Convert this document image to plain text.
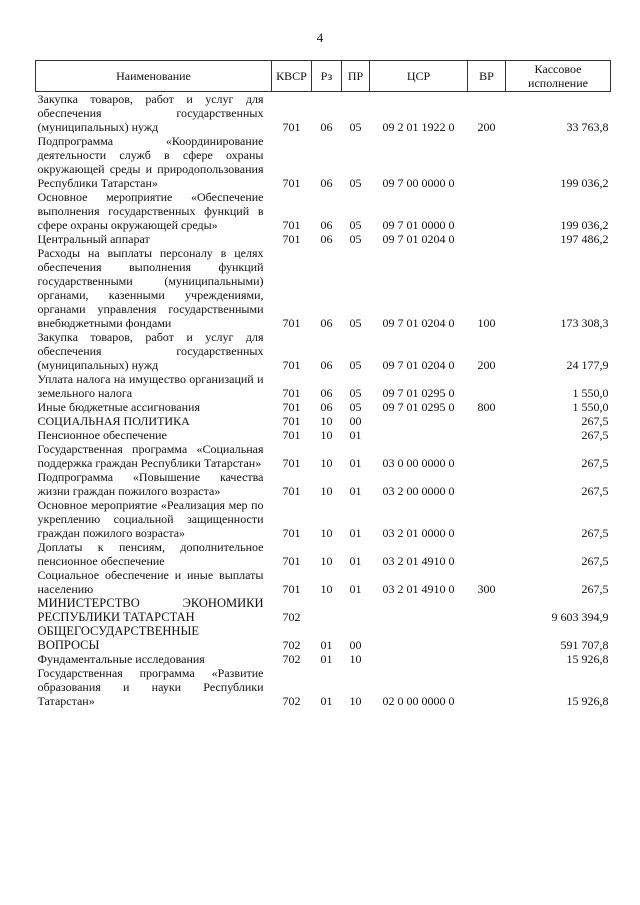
4
Наименование	КВСР	Рз	ПР	ЦСР	ВР	Кассовое исполнение
Закупка товаров, работ и услуг для обеспечения государственных (муниципальных) нужд	701	06	05	09 2 01 1922 0	200	33 763,8
Подпрограмма «Координирование деятельности служб в сфере охраны окружающей среды и природопользования Республики Татарстан»	701	06	05	09 7 00 0000 0		199 036,2
Основное мероприятие «Обеспечение выполнения государственных функций в сфере охраны окружающей среды»	701	06	05	09 7 01 0000 0		199 036,2
Центральный аппарат	701	06	05	09 7 01 0204 0		197 486,2
Расходы на выплаты персоналу в целях обеспечения выполнения функций государственными (муниципальными) органами, казенными учреждениями, органами управления государственными внебюджетными фондами	701	06	05	09 7 01 0204 0	100	173 308,3
Закупка товаров, работ и услуг для обеспечения государственных (муниципальных) нужд	701	06	05	09 7 01 0204 0	200	24 177,9
Уплата налога на имущество организаций и земельного налога	701	06	05	09 7 01 0295 0		1 550,0
Иные бюджетные ассигнования	701	06	05	09 7 01 0295 0	800	1 550,0
СОЦИАЛЬНАЯ ПОЛИТИКА	701	10	00			267,5
Пенсионное обеспечение	701	10	01			267,5
Государственная программа «Социальная поддержка граждан Республики Татарстан»	701	10	01	03 0 00 0000 0		267,5
Подпрограмма «Повышение качества жизни граждан пожилого возраста»	701	10	01	03 2 00 0000 0		267,5
Основное мероприятие «Реализация мер по укреплению социальной защищенности граждан пожилого возраста»	701	10	01	03 2 01 0000 0		267,5
Доплаты к пенсиям, дополнительное пенсионное обеспечение	701	10	01	03 2 01 4910 0		267,5
Социальное обеспечение и иные выплаты населению	701	10	01	03 2 01 4910 0	300	267,5
МИНИСТЕРСТВО ЭКОНОМИКИ РЕСПУБЛИКИ ТАТАРСТАН	702					9 603 394,9
ОБЩЕГОСУДАРСТВЕННЫЕ ВОПРОСЫ	702	01	00			591 707,8
Фундаментальные исследования	702	01	10			15 926,8
Государственная программа «Развитие образования и науки Республики Татарстан»	702	01	10	02 0 00 0000 0		15 926,8
